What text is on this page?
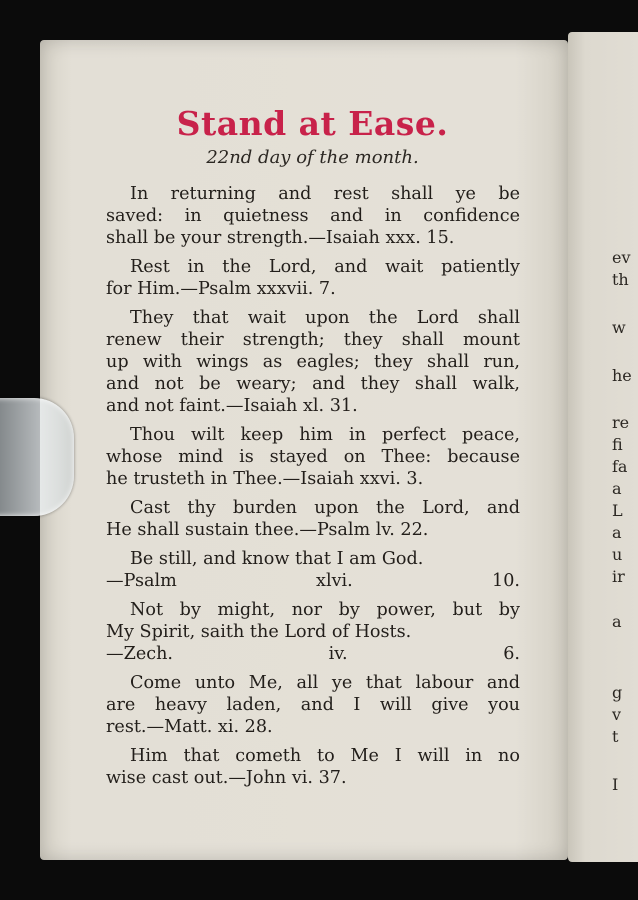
Stand at Ease.
22nd day of the month.
In returning and rest shall ye be
saved: in quietness and in confidence
shall be your strength.—Isaiah xxx. 15.
Rest in the Lord, and wait patiently
for Him.—Psalm xxxvii. 7.
They that wait upon the Lord shall
renew their strength; they shall mount
up with wings as eagles; they shall run,
and not be weary; and they shall walk,
and not faint.—Isaiah xl. 31.
Thou wilt keep him in perfect peace,
whose mind is stayed on Thee: because
he trusteth in Thee.—Isaiah xxvi. 3.
Cast thy burden upon the Lord, and
He shall sustain thee.—Psalm lv. 22.
Be still, and know that I am God.
—Psalm xlvi. 10.
Not by might, nor by power, but by
My Spirit, saith the Lord of Hosts.
—Zech. iv. 6.
Come unto Me, all ye that labour and
are heavy laden, and I will give you
rest.—Matt. xi. 28.
Him that cometh to Me I will in no
wise cast out.—John vi. 37.
ev
th
w
he
re
fi
fa
a
L
a
u
ir
a
g
v
t
I
